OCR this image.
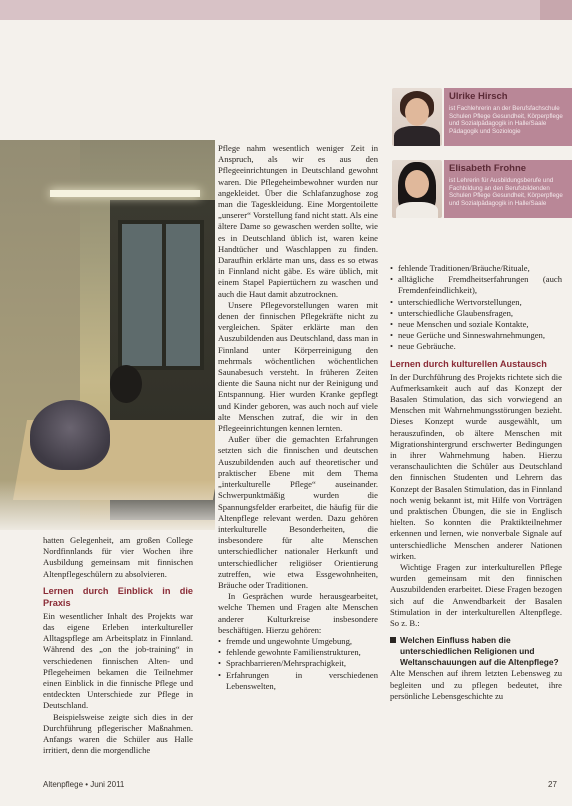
Ulrike Hirsch
ist Fachlehrerin an der Berufsfachschule
Schulen Pflege Gesundheit, Körperpflege
und Sozialpädagogik in Halle/Saale
Pädagogik und Soziologie
Elisabeth Frohne
ist Lehrerin für Ausbildungsberufe und
Fachbildung an den Berufsbildenden
Schulen Pflege Gesundheit, Körperpflege
und Sozialpädagogik in Halle/Saale

hatten Gelegenheit, am großen College Nordfinnlands für vier Wochen ihre Ausbildung gemeinsam mit finnischen Altenpflegeschülern zu absolvieren.

Lernen durch Einblick in die Praxis

Ein wesentlicher Inhalt des Projekts war das eigene Erleben interkultureller Alltagspflege am Arbeitsplatz in Finnland. Während des „on the job-training“ in verschiedenen finnischen Alten- und Pflegeheimen bekamen die Teilnehmer einen Einblick in die finnische Pflege und entdeckten Unterschiede zur Pflege in Deutschland.

Beispielsweise zeigte sich dies in der Durchführung pflegerischer Maßnahmen. Anfangs waren die Schüler aus Halle irritiert, denn die morgendliche

Pflege nahm wesentlich weniger Zeit in Anspruch, als wir es aus den Pflegeeinrichtungen in Deutschland gewohnt waren. Die Pflegeheimbewohner wurden nur angekleidet. Über die Schlafanzughose zog man die Tageskleidung. Eine Morgentoilette „unserer“ Vorstellung fand nicht statt. Als eine ältere Dame so gewaschen werden sollte, wie es in Deutschland üblich ist, waren keine Handtücher und Waschlappen zu finden. Daraufhin erklärte man uns, dass es so etwas in Finnland nicht gäbe. Es wäre üblich, mit einem Stapel Papiertüchern zu waschen und auch die Haut damit abzutrocknen.

Unsere Pflegevorstellungen waren mit denen der finnischen Pflegekräfte nicht zu vergleichen. Später erklärte man den Auszubildenden aus Deutschland, dass man in Finnland unter Körperreinigung den mehrmals wöchentlichen wöchentlichen Saunabesuch versteht. In früheren Zeiten diente die Sauna nicht nur der Reinigung und Entspannung. Hier wurden Kranke gepflegt und Kinder geboren, was auch noch auf viele alte Menschen zutraf, die wir in den Pflegeeinrichtungen kennen lernten.

Außer über die gemachten Erfahrungen setzten sich die finnischen und deutschen Auszubildenden auch auf theoretischer und praktischer Ebene mit dem Thema „interkulturelle Pflege“ auseinander. Schwerpunktmäßig wurden die Spannungsfelder erarbeitet, die häufig für die Altenpflege relevant werden. Dazu gehören interkulturelle Besonderheiten, die insbesondere für alte Menschen unterschiedlicher nationaler Herkunft und unterschiedlicher religiöser Orientierung zutreffen, wie etwa Essgewohnheiten, Bräuche oder Traditionen.

In Gesprächen wurde herausgearbeitet, welche Themen und Fragen alte Menschen anderer Kulturkreise insbesondere beschäftigen. Hierzu gehören:

• fremde und ungewohnte Umgebung,
• fehlende gewohnte Familienstrukturen,
• Sprachbarrieren/Mehrsprachigkeit,
• Erfahrungen in verschiedenen Lebenswelten,
• fehlende Traditionen/Bräuche/Rituale,
• alltägliche Fremdheitserfahrungen (auch Fremdenfeindlichkeit),
• unterschiedliche Wertvorstellungen,
• unterschiedliche Glaubensfragen,
• neue Menschen und soziale Kontakte,
• neue Gerüche und Sinneswahrnehmungen,
• neue Gebräuche.
Lernen durch kulturellen Austausch

In der Durchführung des Projekts richtete sich die Aufmerksamkeit auch auf das Konzept der Basalen Stimulation, das sich vorwiegend an Menschen mit Wahrnehmungsstörungen bezieht. Dieses Konzept wurde ausgewählt, um herauszufinden, ob ältere Menschen mit Migrationshintergrund erschwerter Bedingungen in ihrer Wahrnehmung haben. Hierzu veranschaulichten die Schüler aus Deutschland den finnischen Studenten und Lehrern das Konzept der Basalen Stimulation, das in Finnland noch wenig bekannt ist, mit Hilfe von Vorträgen und praktischen Übungen, die sie in Englisch hielten. So konnten die Praktikteilnehmer erkennen und lernen, wie nonverbale Signale auf unterschiedliche Menschen anderer Nationen wirken.

Wichtige Fragen zur interkulturellen Pflege wurden gemeinsam mit den finnischen Auszubildenden erarbeitet. Diese Fragen bezogen sich auf die Anwendbarkeit der Basalen Stimulation in der interkulturellen Altenpflege. So z. B.:

Welchen Einfluss haben die unterschiedlichen Religionen und Weltanschauungen auf die Altenpflege?

Alte Menschen auf ihrem letzten Lebensweg zu begleiten und zu pflegen bedeutet, ihre persönliche Lebensgeschichte zu

Altenpflege • Juni 2011	27
